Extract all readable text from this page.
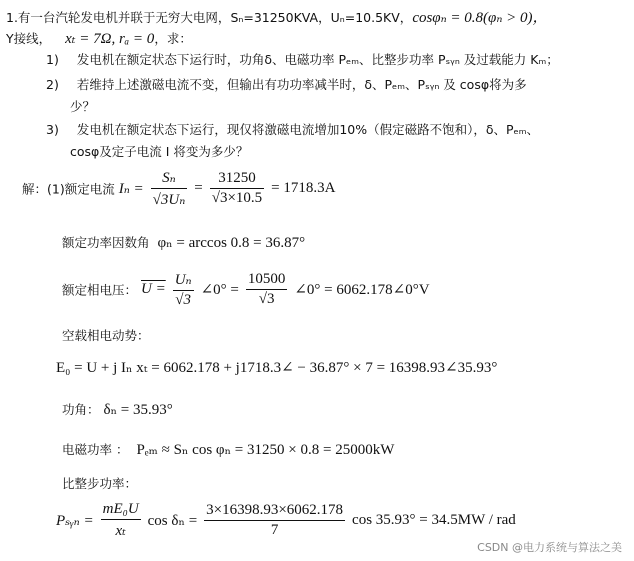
1.有一台汽轮发电机并联于无穷大电网，Sₙ=31250KVA，Uₙ=10.5KV，cosφₙ = 0.8(φₙ > 0)，
Y接线， xₜ = 7Ω, rₐ = 0，求：
1) 发电机在额定状态下运行时，功角δ、电磁功率 Pₑₘ、比整步功率 Pₛᵧₙ 及过载能力 Kₘ；
2) 若维持上述激磁电流不变，但输出有功功率减半时，δ、Pₑₘ、Pₛᵧₙ 及 cosφ将为多
少？
3) 发电机在额定状态下运行，现仅将激磁电流增加10%（假定磁路不饱和），δ、Pₑₘ、
cosφ及定子电流 I 将变为多少？
解：(1)额定电流 $I_n = \frac{\text{Sₙ}}{\text{√3Uₙ}} = \frac{31250}{√3\times 10.5} = 1718.3A$
额定功率因数角 φₙ = arccos 0.8 = 36.87°
额定相电压： $U = \frac{\text{Uₙ}}{√3}$ ∠0° = $\frac{10500}{√3}$ ∠0° = 6062.178∠0°V
空载相电动势：
E₀ = U + j Iₙ xₜ = 6062.178 + j1718.3∠ − 36.87° × 7 = 16398.93∠35.93°
功角： δₙ = 35.93°
电磁功率 ： Pₑₘ ≈ Sₙ cos φₙ = 31250 × 0.8 = 25000kW
比整步功率：
Pₛᵧₙ = $\frac{\text{mE₀U}}{\text{xₜ}}$ $\cos \delta_n = \frac{3\times 16398.93\times 6062.178}{7}$ cos 35.93° = 34.5MW / rad
CSDN @电力系统与算法之美
